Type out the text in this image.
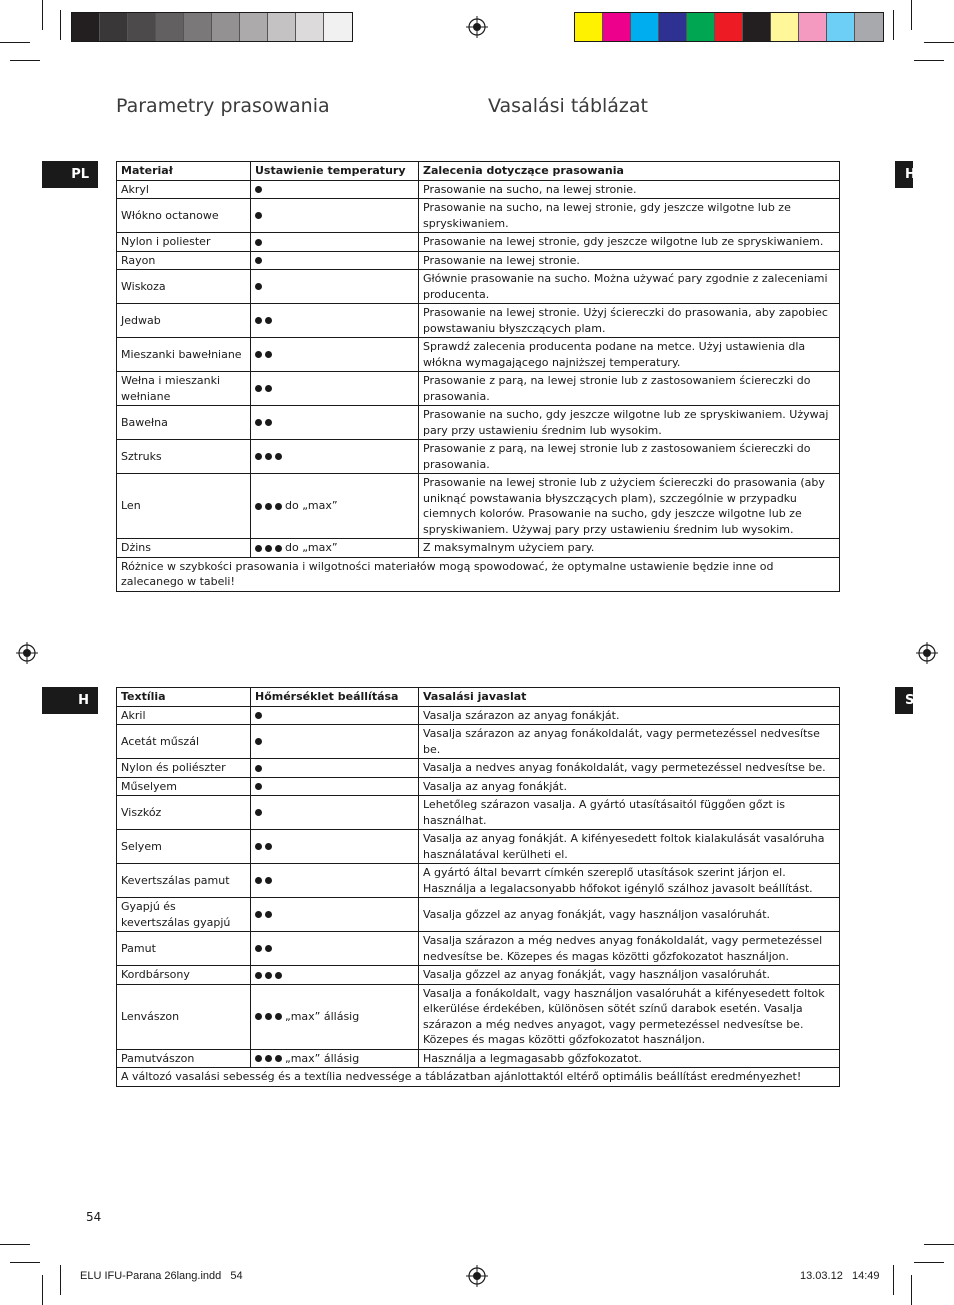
Parametry prasowania	Vasalási táblázat
PL	H
H	S
Materiał	Ustawienie temperatury	Zalecenia dotyczące prasowania
Akryl		Prasowanie na sucho, na lewej stronie.
Włókno octanowe		Prasowanie na sucho, na lewej stronie, gdy jeszcze wilgotne lub ze spryskiwaniem.
Nylon i poliester		Prasowanie na lewej stronie, gdy jeszcze wilgotne lub ze spryskiwaniem.
Rayon		Prasowanie na lewej stronie.
Wiskoza		Głównie prasowanie na sucho. Można używać pary zgodnie z zaleceniami producenta.
Jedwab		Prasowanie na lewej stronie. Użyj ściereczki do prasowania, aby zapobiec powstawaniu błyszczących plam.
Mieszanki bawełniane		Sprawdź zalecenia producenta podane na metce. Użyj ustawienia dla włókna wymagającego najniższej temperatury.
Wełna i mieszanki wełniane		Prasowanie z parą, na lewej stronie lub z zastosowaniem ściereczki do prasowania.
Bawełna		Prasowanie na sucho, gdy jeszcze wilgotne lub ze spryskiwaniem. Używaj pary przy ustawieniu średnim lub wysokim.
Sztruks		Prasowanie z parą, na lewej stronie lub z zastosowaniem ściereczki do prasowania.
Len	do „max”	Prasowanie na lewej stronie lub z użyciem ściereczki do prasowania (aby uniknąć powstawania błyszczących plam), szczególnie w przypadku ciemnych kolorów. Prasowanie na sucho, gdy jeszcze wilgotne lub ze spryskiwaniem. Używaj pary przy ustawieniu średnim lub wysokim.
Dżins	do „max”	Z maksymalnym użyciem pary.
Różnice w szybkości prasowania i wilgotności materiałów mogą spowodować, że optymalne ustawienie będzie inne od zalecanego w tabeli!		
Textília	Hőmérséklet beállítása	Vasalási javaslat
Akril		Vasalja szárazon az anyag fonákját.
Acetát műszál		Vasalja szárazon az anyag fonákoldalát, vagy permetezéssel nedvesítse be.
Nylon és poliészter		Vasalja a nedves anyag fonákoldalát, vagy permetezéssel nedvesítse be.
Műselyem		Vasalja az anyag fonákját.
Viszkóz		Lehetőleg szárazon vasalja. A gyártó utasításaitól függően gőzt is használhat.
Selyem		Vasalja az anyag fonákját. A kifényesedett foltok kialakulását vasalóruha használatával kerülheti el.
Kevertszálas pamut		A gyártó által bevarrt címkén szereplő utasítások szerint járjon el. Használja a legalacsonyabb hőfokot igénylő szálhoz javasolt beállítást.
Gyapjú és kevertszálas gyapjú		Vasalja gőzzel az anyag fonákját, vagy használjon vasalóruhát.
Pamut		Vasalja szárazon a még nedves anyag fonákoldalát, vagy permetezéssel nedvesítse be. Közepes és magas közötti gőzfokozatot használjon.
Kordbársony		Vasalja gőzzel az anyag fonákját, vagy használjon vasalóruhát.
Lenvászon	„max” állásig	Vasalja a fonákoldalt, vagy használjon vasalóruhát a kifényesedett foltok elkerülése érdekében, különösen sötét színű darabok esetén. Vasalja szárazon a még nedves anyagot, vagy permetezéssel nedvesítse be. Közepes és magas közötti gőzfokozatot használjon.
Pamutvászon	„max” állásig	Használja a legmagasabb gőzfokozatot.
A változó vasalási sebesség és a textília nedvessége a táblázatban ajánlottaktól eltérő optimális beállítást eredményezhet!		
54
ELU IFU-Parana 26lang.indd   54	13.03.12   14:49
